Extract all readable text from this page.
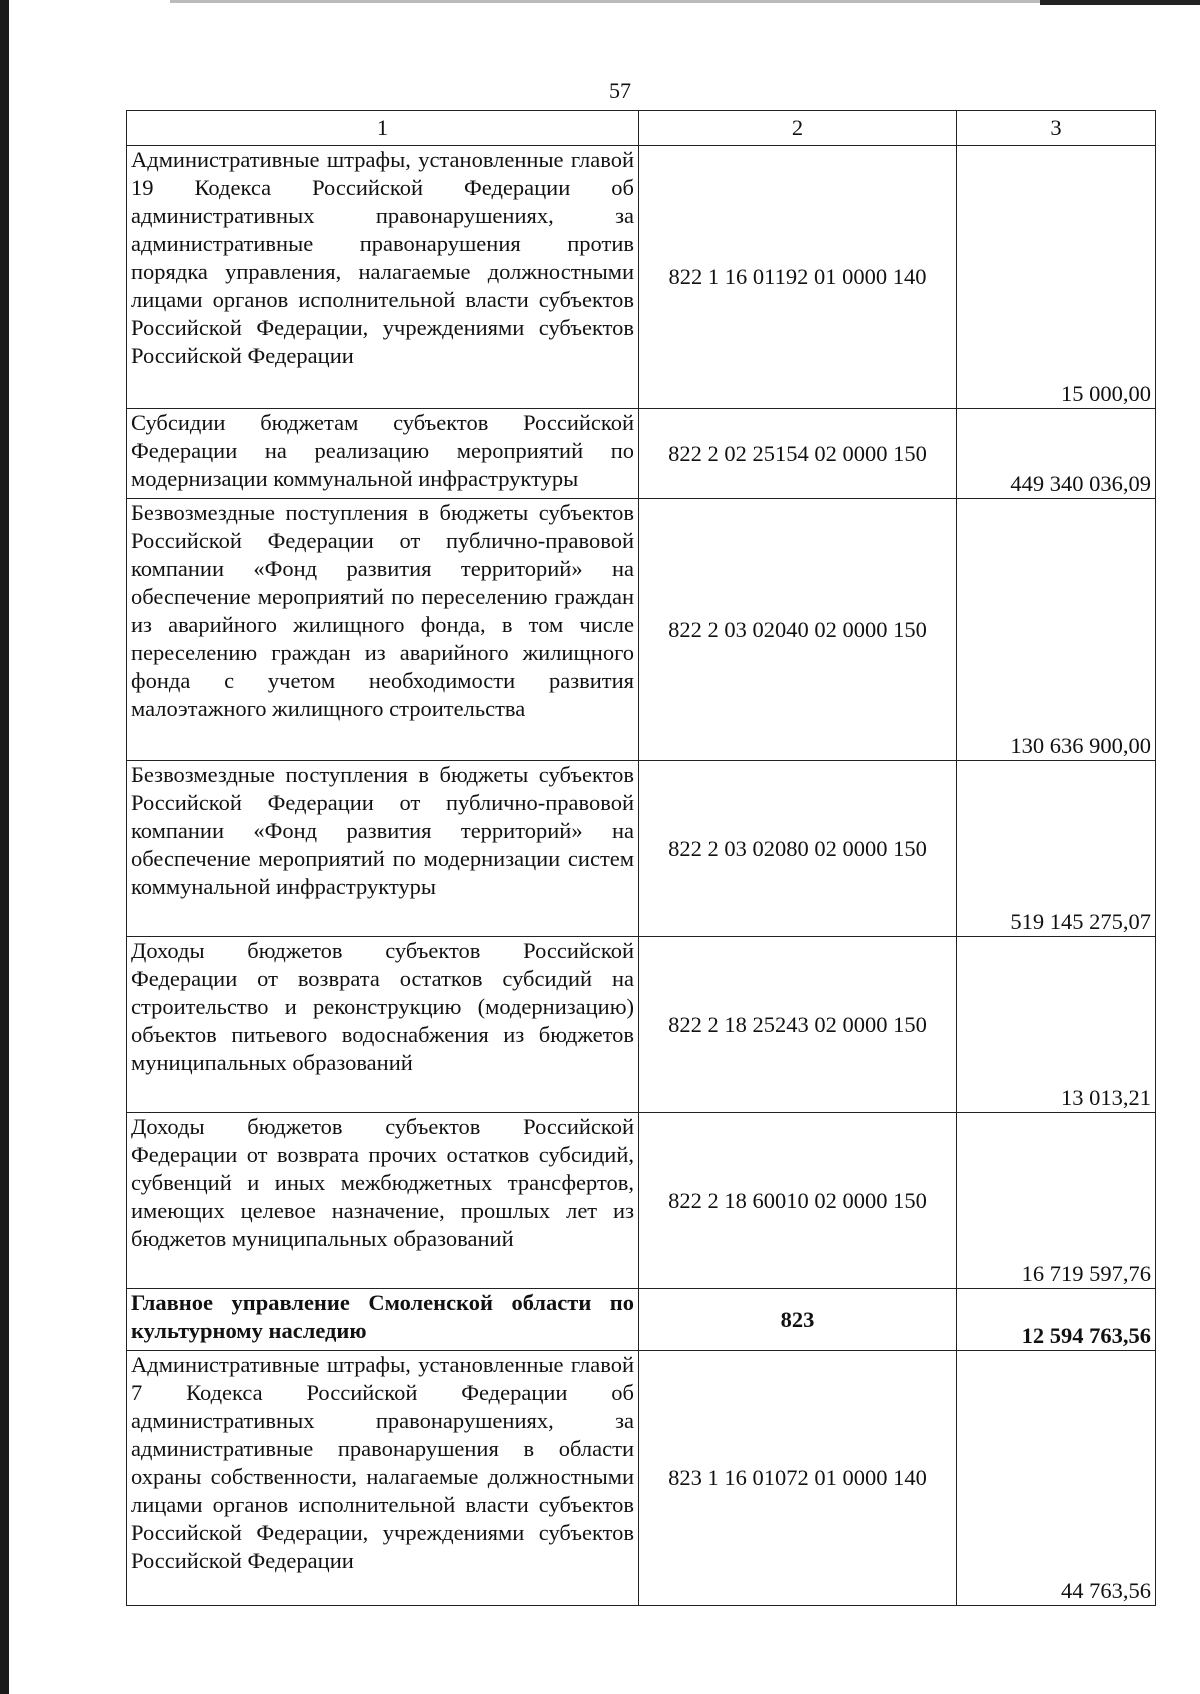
57
1	2	3
Административные штрафы, установленные главой 19 Кодекса Российской Федерации об административных правонарушениях, за административные правонарушения против порядка управления, налагаемые должностными лицами органов исполнительной власти субъектов Российской Федерации, учреждениями субъектов Российской Федерации	822 1 16 01192 01 0000 140	15 000,00
Субсидии бюджетам субъектов Российской Федерации на реализацию мероприятий по модернизации коммунальной инфраструктуры	822 2 02 25154 02 0000 150	449 340 036,09
Безвозмездные поступления в бюджеты субъектов Российской Федерации от публично-правовой компании «Фонд развития территорий» на обеспечение мероприятий по переселению граждан из аварийного жилищного фонда, в том числе переселению граждан из аварийного жилищного фонда с учетом необходимости развития малоэтажного жилищного строительства	822 2 03 02040 02 0000 150	130 636 900,00
Безвозмездные поступления в бюджеты субъектов Российской Федерации от публично-правовой компании «Фонд развития территорий» на обеспечение мероприятий по модернизации систем коммунальной инфраструктуры	822 2 03 02080 02 0000 150	519 145 275,07
Доходы бюджетов субъектов Российской Федерации от возврата остатков субсидий на строительство и реконструкцию (модернизацию) объектов питьевого водоснабжения из бюджетов муниципальных образований	822 2 18 25243 02 0000 150	13 013,21
Доходы бюджетов субъектов Российской Федерации от возврата прочих остатков субсидий, субвенций и иных межбюджетных трансфертов, имеющих целевое назначение, прошлых лет из бюджетов муниципальных образований	822 2 18 60010 02 0000 150	16 719 597,76
Главное управление Смоленской области по культурному наследию	823	12 594 763,56
Административные штрафы, установленные главой 7 Кодекса Российской Федерации об административных правонарушениях, за административные правонарушения в области охраны собственности, налагаемые должностными лицами органов исполнительной власти субъектов Российской Федерации, учреждениями субъектов Российской Федерации	823 1 16 01072 01 0000 140	44 763,56
